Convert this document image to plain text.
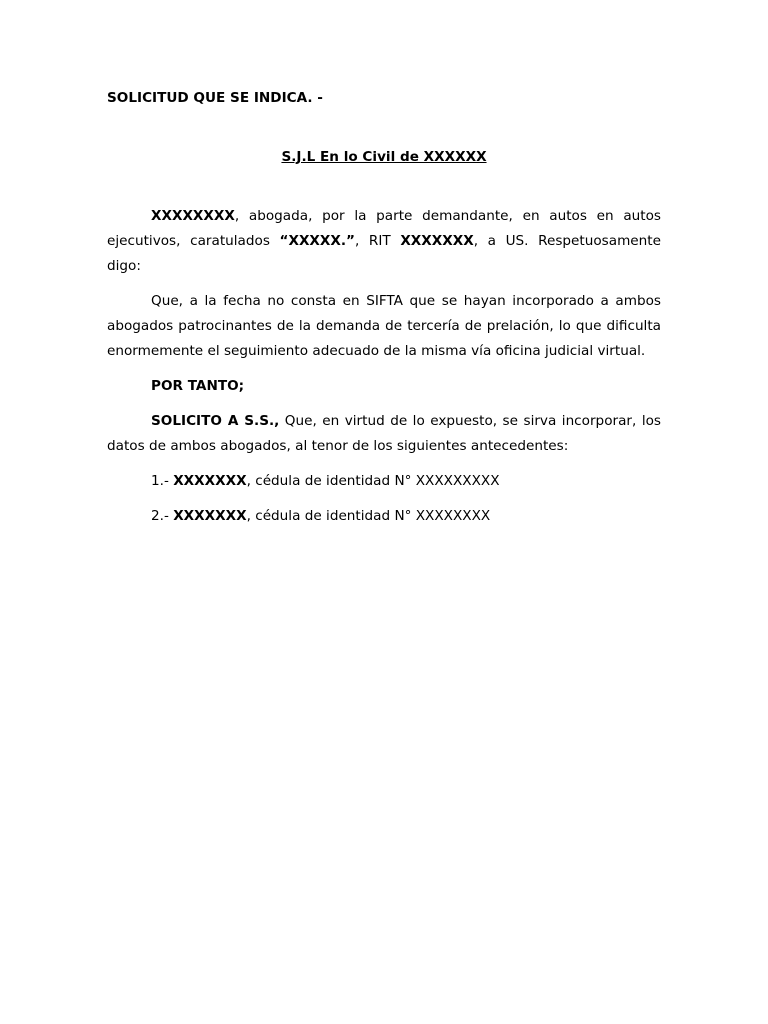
SOLICITUD QUE SE INDICA. -
S.J.L En lo Civil de XXXXXX

XXXXXXXX, abogada, por la parte demandante, en autos en autos ejecutivos, caratulados “XXXXX.”, RIT XXXXXXX, a US. Respetuosamente digo:

Que, a la fecha no consta en SIFTA que se hayan incorporado a ambos abogados patrocinantes de la demanda de tercería de prelación, lo que dificulta enormemente el seguimiento adecuado de la misma vía oficina judicial virtual.

POR TANTO;

SOLICITO A S.S., Que, en virtud de lo expuesto, se sirva incorporar, los datos de ambos abogados, al tenor de los siguientes antecedentes:

1.- XXXXXXX, cédula de identidad N° XXXXXXXXX

2.- XXXXXXX, cédula de identidad N° XXXXXXXX
